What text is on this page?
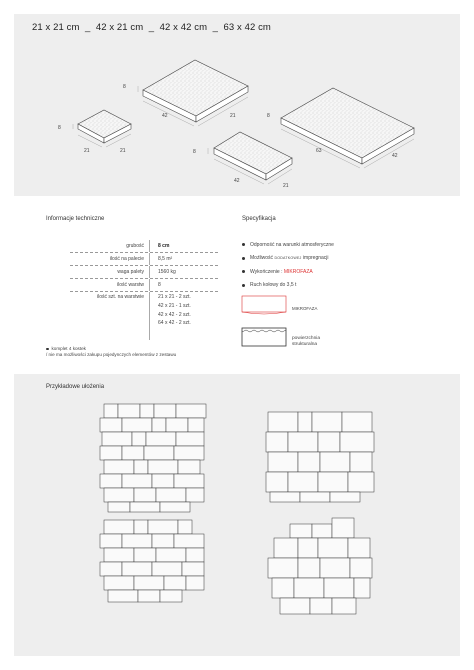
21 x 21 cm
_
42 x 21 cm
_
42 x 42 cm
_
63 x 42 cm
8
21	21
8
42	21
8
42
21
63
42
8
Informacje techniczne
grubość	8 cm
ilość na palecie	8,5 m²
waga palety	1560 kg
ilość warstw	8
ilość szt. na warstwie	21 x 21 - 2 szt.
42 x 21 - 1 szt.
42 x 42 - 2 szt.
64 x 42 - 2 szt.
komplet 4 kostek
/ nie ma możliwości zakupu pojedynczych elementów z zestawu
Specyfikacja
Odporność na warunki atmosferyczne
Możliwość
DODATKOWEJ
impregnacji
Wykończenie :
MIKROFAZA
Ruch kołowy do 3,5 t
MIKROFAZA
powierzchnia
strukturalna
Przykładowe ułożenia
